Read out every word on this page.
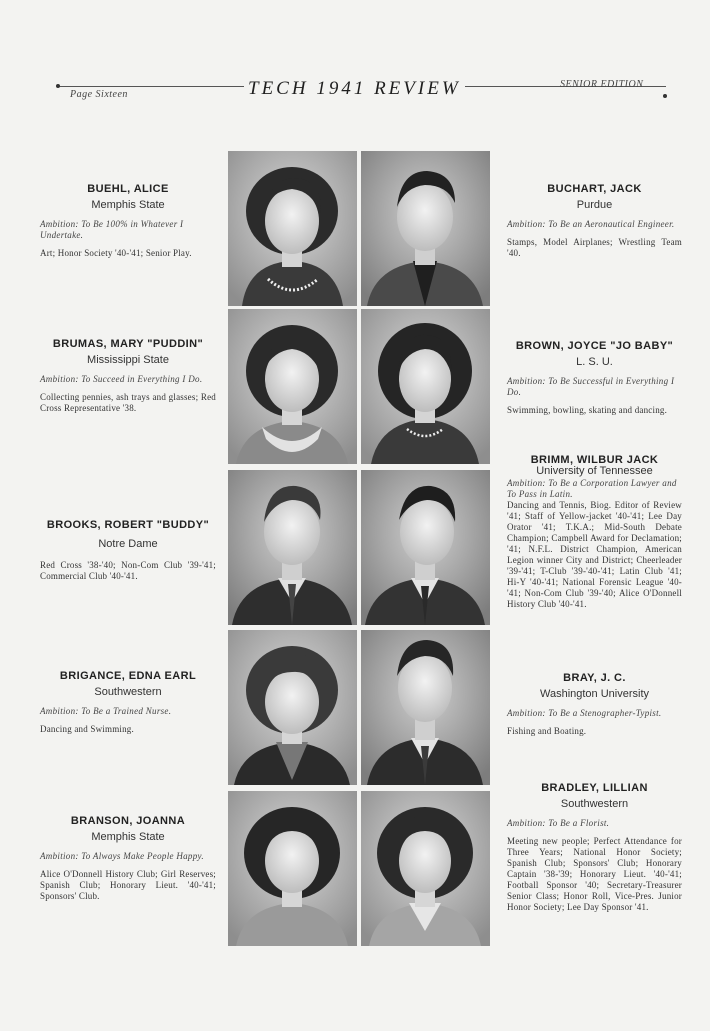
Page Sixteen	TECH 1941 REVIEW	SENIOR EDITION
BUEHL, ALICE
Memphis State
Ambition: To Be 100% in Whatever I Undertake.
Art; Honor Society '40-'41; Senior Play.
BRUMAS, MARY "PUDDIN"
Mississippi State
Ambition: To Succeed in Everything I Do.
Collecting pennies, ash trays and glasses; Red Cross Representative '38.
BROOKS, ROBERT "BUDDY"
Notre Dame
Red Cross '38-'40; Non-Com Club '39-'41; Commercial Club '40-'41.
BRIGANCE, EDNA EARL
Southwestern
Ambition: To Be a Trained Nurse.
Dancing and Swimming.
BRANSON, JOANNA
Memphis State
Ambition: To Always Make People Happy.
Alice O'Donnell History Club; Girl Reserves; Spanish Club; Honorary Lieut. '40-'41; Sponsors' Club.
BUCHART, JACK
Purdue
Ambition: To Be an Aeronautical Engineer.
Stamps, Model Airplanes; Wrestling Team '40.
BROWN, JOYCE "JO BABY"
L. S. U.
Ambition: To Be Successful in Everything I Do.
Swimming, bowling, skating and dancing.
BRIMM, WILBUR JACK
University of Tennessee
Ambition: To Be a Corporation Lawyer and To Pass in Latin.
Dancing and Tennis, Biog. Editor of Review '41; Staff of Yellow-jacket '40-'41; Lee Day Orator '41; T.K.A.; Mid-South Debate Champion; Campbell Award for Declamation; '41; N.F.L. District Champion, American Legion winner City and District; Cheerleader '39-'41; T-Club '39-'40-'41; Latin Club '41; Hi-Y '40-'41; National Forensic League '40-'41; Non-Com Club '39-'40; Alice O'Donnell History Club '40-'41.
BRAY, J. C.
Washington University
Ambition: To Be a Stenographer-Typist.
Fishing and Boating.
BRADLEY, LILLIAN
Southwestern
Ambition: To Be a Florist.
Meeting new people; Perfect Attendance for Three Years; National Honor Society; Spanish Club; Sponsors' Club; Honorary Captain '38-'39; Honorary Lieut. '40-'41; Football Sponsor '40; Secretary-Treasurer Senior Class; Honor Roll, Vice-Pres. Junior Honor Society; Lee Day Sponsor '41.
